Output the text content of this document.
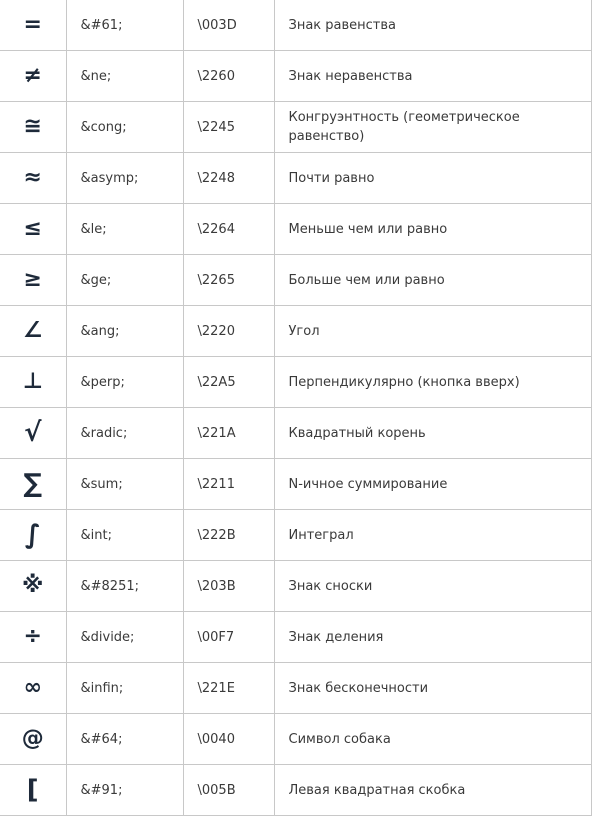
=	&#61;	\003D	Знак равенства
≠	&ne;	\2260	Знак неравенства
≅	&cong;	\2245	Конгруэнтность (геометрическое равенство)
≈	&asymp;	\2248	Почти равно
≤	&le;	\2264	Меньше чем или равно
≥	&ge;	\2265	Больше чем или равно
∠	&ang;	\2220	Угол
⊥	&perp;	\22A5	Перпендикулярно (кнопка вверх)
√	&radic;	\221A	Квадратный корень
∑	&sum;	\2211	N-ичное суммирование
∫	&int;	\222B	Интеграл
※	&#8251;	\203B	Знак сноски
÷	&divide;	\00F7	Знак деления
∞	&infin;	\221E	Знак бесконечности
@	&#64;	\0040	Символ собака
[	&#91;	\005B	Левая квадратная скобка
